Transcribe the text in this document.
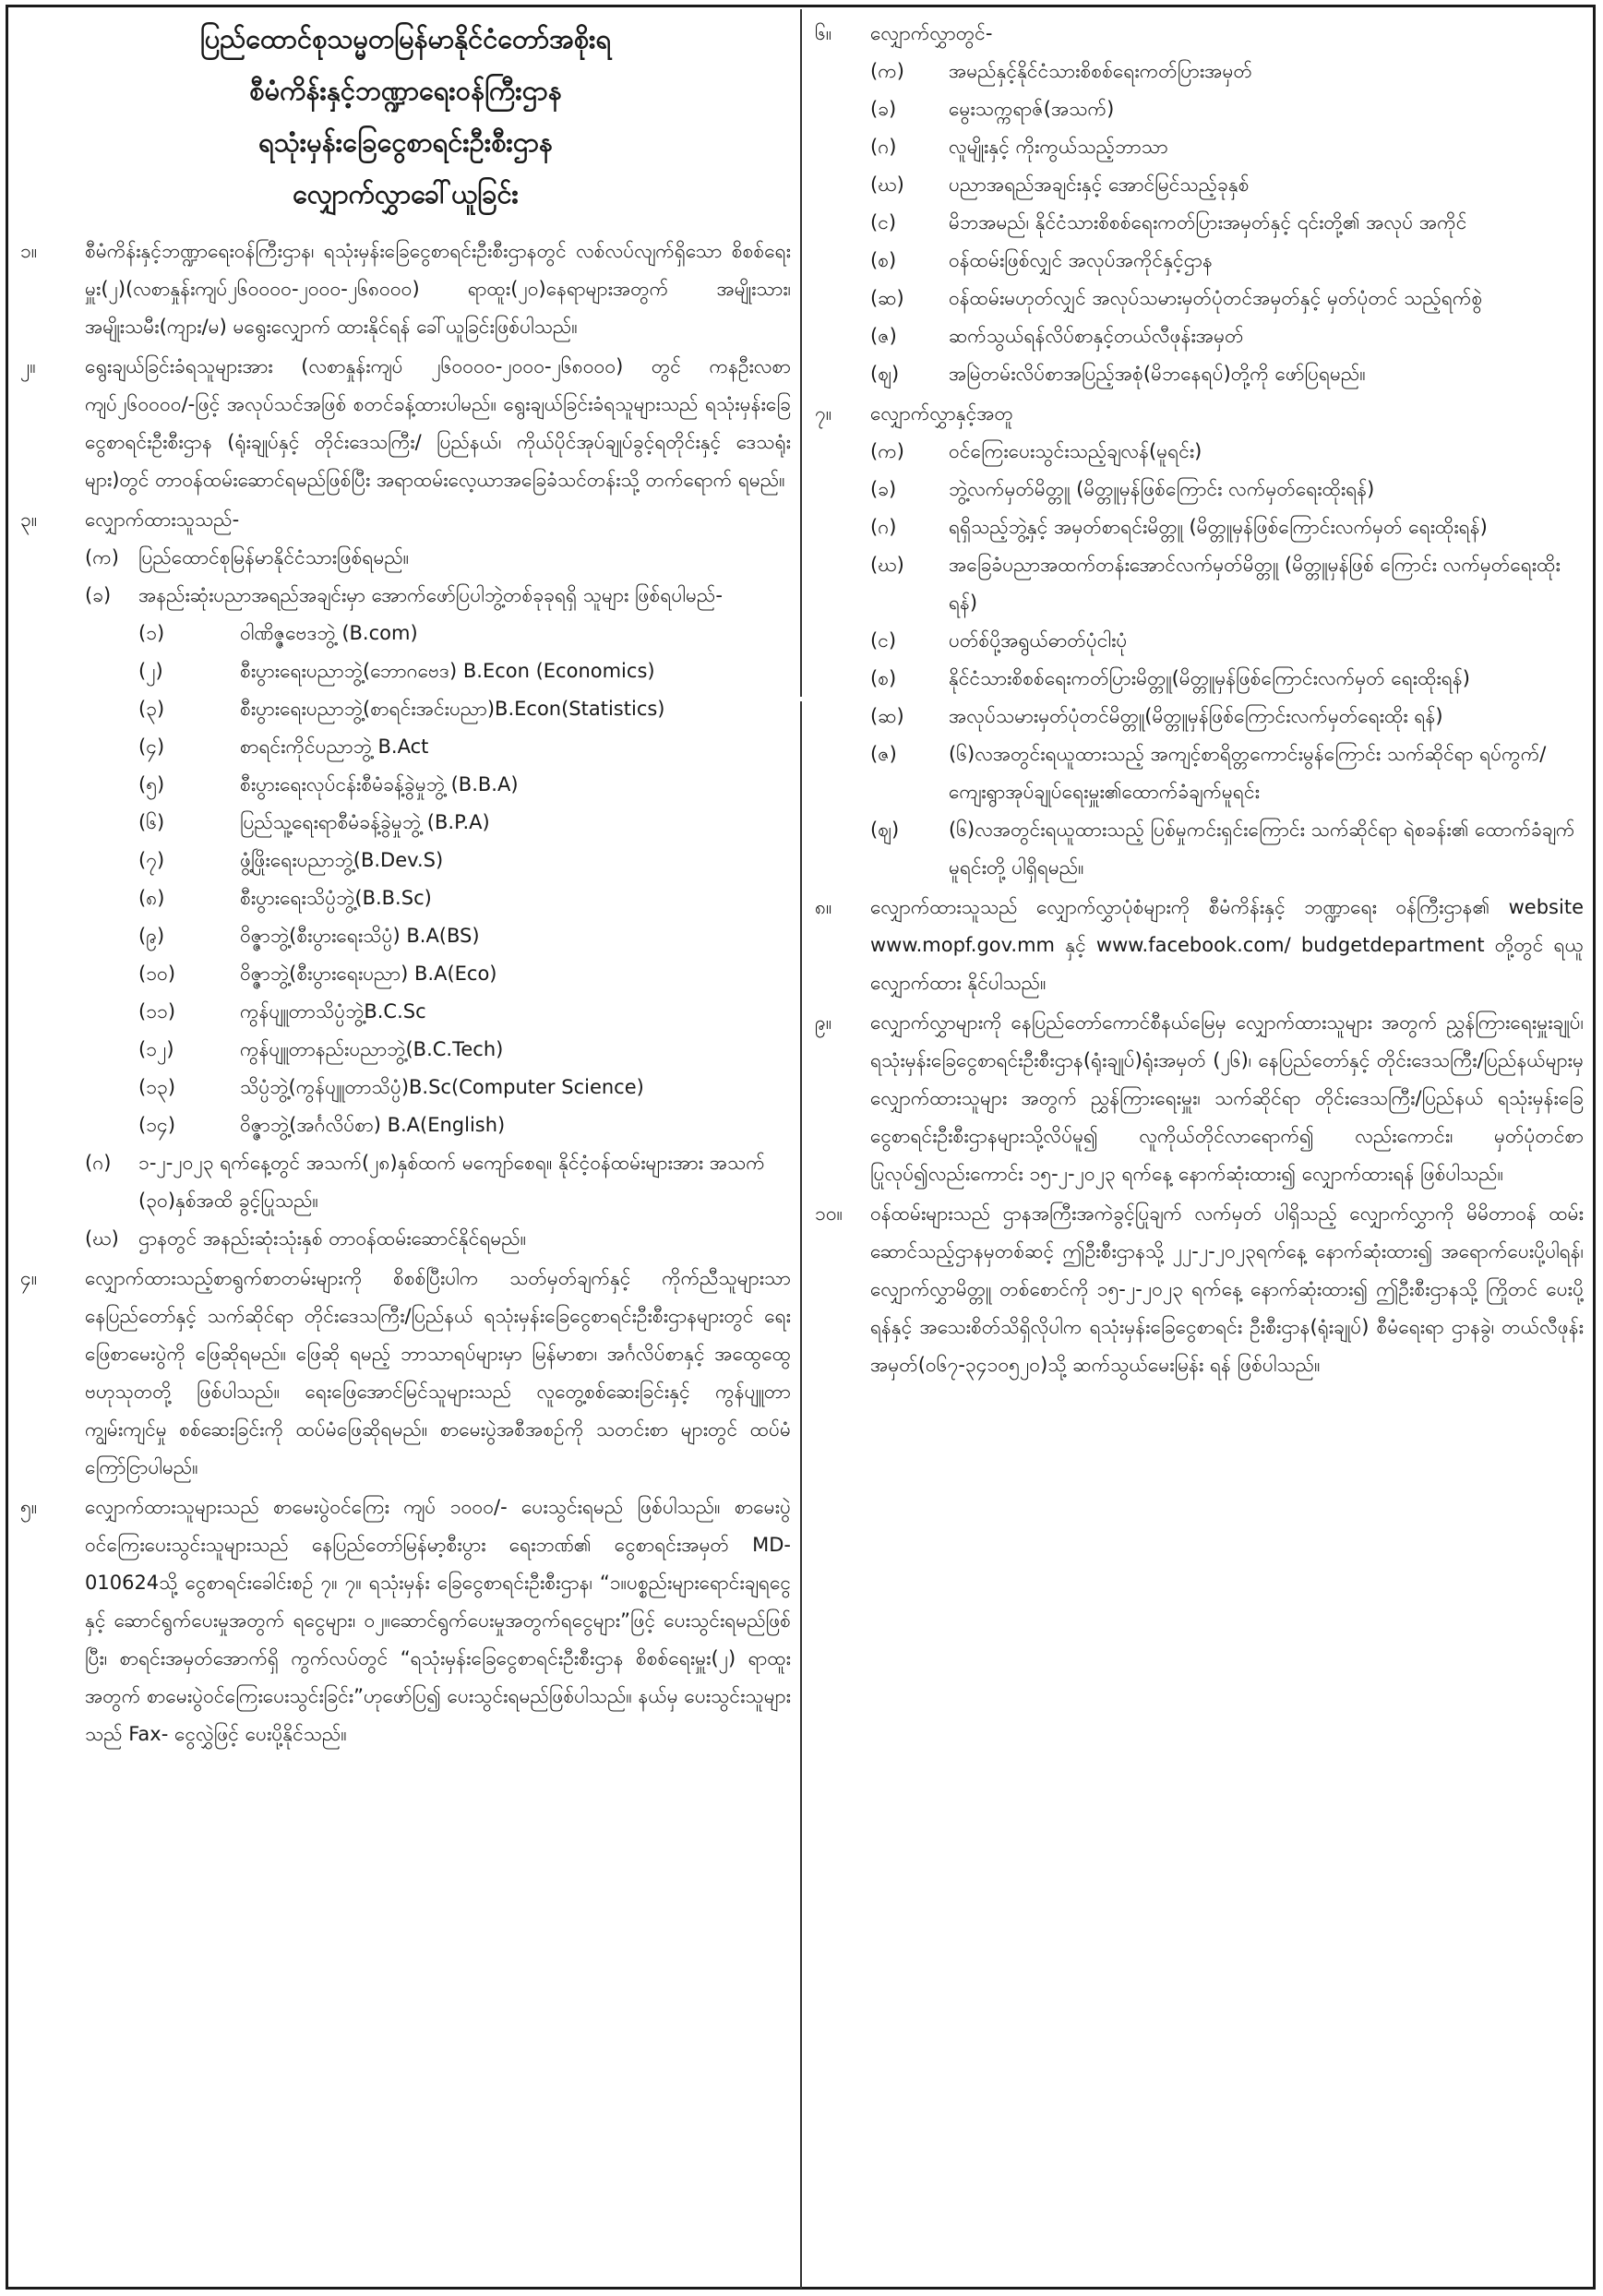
ပြည်ထောင်စုသမ္မတမြန်မာနိုင်ငံတော်အစိုးရ
စီမံကိန်းနှင့်ဘဏ္ဍာရေးဝန်ကြီးဌာန
ရသုံးမှန်းခြေငွေစာရင်းဦးစီးဌာန
လျှောက်လွှာခေါ်ယူခြင်း
၁။	စီမံကိန်းနှင့်ဘဏ္ဍာရေးဝန်ကြီးဌာန၊ ရသုံးမှန်းခြေငွေစာရင်းဦးစီးဌာနတွင် လစ်လပ်လျက်ရှိသော စိစစ်ရေးမှူး(၂)(လစာနှုန်းကျပ်၂၆၀၀၀၀-၂၀၀၀-၂၆၈၀၀၀) ရာထူး(၂၀)နေရာများအတွက် အမျိုးသား၊ အမျိုးသမီး(ကျား/မ) မရွေးလျှောက် ထားနိုင်ရန် ခေါ်ယူခြင်းဖြစ်ပါသည်။

၂။	ရွေးချယ်ခြင်းခံရသူများအား (လစာနှုန်းကျပ် ၂၆၀၀၀၀-၂၀၀၀-၂၆၈၀၀၀) တွင် ကနဦးလစာ ကျပ်၂၆၀၀၀၀/-ဖြင့် အလုပ်သင်အဖြစ် စတင်ခန့်ထားပါမည်။ ရွေးချယ်ခြင်းခံရသူများသည် ရသုံးမှန်းခြေငွေစာရင်းဦးစီးဌာန (ရုံးချုပ်နှင့် တိုင်းဒေသကြီး/ ပြည်နယ်၊ ကိုယ်ပိုင်အုပ်ချုပ်ခွင့်ရတိုင်းနှင့် ဒေသရုံးများ)တွင် တာဝန်ထမ်းဆောင်ရမည်ဖြစ်ပြီး အရာထမ်းလေ့ယာအခြေခံသင်တန်းသို့ တက်ရောက် ရမည်။

၃။	လျှောက်ထားသူသည်-
(က)	ပြည်ထောင်စုမြန်မာနိုင်ငံသားဖြစ်ရမည်။
(ခ)	အနည်းဆုံးပညာအရည်အချင်းမှာ အောက်ဖော်ပြပါဘွဲ့တစ်ခုခုရရှိ သူများ ဖြစ်ရပါမည်-
(၁)	ဝါဏိဇ္ဇဗေဒဘွဲ့ (B.com)
(၂)	စီးပွားရေးပညာဘွဲ့(ဘောဂဗေဒ) B.Econ (Economics)
(၃)	စီးပွားရေးပညာဘွဲ့(စာရင်းအင်းပညာ)B.Econ(Statistics)
(၄)	စာရင်းကိုင်ပညာဘွဲ့ B.Act
(၅)	စီးပွားရေးလုပ်ငန်းစီမံခန့်ခွဲမှုဘွဲ့ (B.B.A)
(၆)	ပြည်သူ့ရေးရာစီမံခန့်ခွဲမှုဘွဲ့ (B.P.A)
(၇)	ဖွံ့ဖြိုးရေးပညာဘွဲ့(B.Dev.S)
(၈)	စီးပွားရေးသိပ္ပံဘွဲ့(B.B.Sc)
(၉)	ဝိဇ္ဇာဘွဲ့(စီးပွားရေးသိပ္ပံ) B.A(BS)
(၁၀)	ဝိဇ္ဇာဘွဲ့(စီးပွားရေးပညာ) B.A(Eco)
(၁၁)	ကွန်ပျူတာသိပ္ပံဘွဲ့B.C.Sc
(၁၂)	ကွန်ပျူတာနည်းပညာဘွဲ့(B.C.Tech)
(၁၃)	သိပ္ပံဘွဲ့(ကွန်ပျူတာသိပ္ပံ)B.Sc(Computer Science)
(၁၄)	ဝိဇ္ဇာဘွဲ့(အင်္ဂလိပ်စာ) B.A(English)
(ဂ)	၁-၂-၂၀၂၃ ရက်နေ့တွင် အသက်(၂၈)နှစ်ထက် မကျော်စေရ။ နိုင်ငံ့ဝန်ထမ်းများအား အသက် (၃၀)နှစ်အထိ ခွင့်ပြုသည်။
(ဃ)	ဌာနတွင် အနည်းဆုံးသုံးနှစ် တာဝန်ထမ်းဆောင်နိုင်ရမည်။
၄။	လျှောက်ထားသည့်စာရွက်စာတမ်းများကို စိစစ်ပြီးပါက သတ်မှတ်ချက်နှင့် ကိုက်ညီသူများသာ နေပြည်တော်နှင့် သက်ဆိုင်ရာ တိုင်းဒေသကြီး/ပြည်နယ် ရသုံးမှန်းခြေငွေစာရင်းဦးစီးဌာနများတွင် ရေးဖြေစာမေးပွဲကို ဖြေဆိုရမည်။ ဖြေဆို ရမည့် ဘာသာရပ်များမှာ မြန်မာစာ၊ အင်္ဂလိပ်စာနှင့် အထွေထွေ ဗဟုသုတတို့ ဖြစ်ပါသည်။ ရေးဖြေအောင်မြင်သူများသည် လူတွေ့စစ်ဆေးခြင်းနှင့် ကွန်ပျူတာ ကျွမ်းကျင်မှု စစ်ဆေးခြင်းကို ထပ်မံဖြေဆိုရမည်။ စာမေးပွဲအစီအစဉ်ကို သတင်းစာ များတွင် ထပ်မံကြော်ငြာပါမည်။

၅။	လျှောက်ထားသူများသည် စာမေးပွဲဝင်ကြေး ကျပ် ၁၀၀၀/- ပေးသွင်းရမည် ဖြစ်ပါသည်။ စာမေးပွဲဝင်ကြေးပေးသွင်းသူများသည် နေပြည်တော်မြန်မာ့စီးပွား ရေးဘဏ်၏ ငွေစာရင်းအမှတ် MD-010624သို့ ငွေစာရင်းခေါင်းစဉ် ၇။ ၇။ ရသုံးမှန်း ခြေငွေစာရင်းဦးစီးဌာန၊ “၁။ပစ္စည်းများရောင်းချရငွေနှင့် ဆောင်ရွက်ပေးမှုအတွက် ရငွေများ၊ ၀၂။ဆောင်ရွက်ပေးမှုအတွက်ရငွေများ”ဖြင့် ပေးသွင်းရမည်ဖြစ်ပြီး၊ စာရင်းအမှတ်အောက်ရှိ ကွက်လပ်တွင် “ရသုံးမှန်းခြေငွေစာရင်းဦးစီးဌာန စိစစ်ရေးမှူး(၂) ရာထူးအတွက် စာမေးပွဲဝင်ကြေးပေးသွင်းခြင်း”ဟုဖော်ပြ၍ ပေးသွင်းရမည်ဖြစ်ပါသည်။ နယ်မှ ပေးသွင်းသူများသည် Fax- ငွေလွှဲဖြင့် ပေးပို့နိုင်သည်။

၆။	လျှောက်လွှာတွင်-
(က)	အမည်နှင့်နိုင်ငံသားစိစစ်ရေးကတ်ပြားအမှတ်
(ခ)	မွေးသက္ကရာဇ်(အသက်)
(ဂ)	လူမျိုးနှင့် ကိုးကွယ်သည့်ဘာသာ
(ဃ)	ပညာအရည်အချင်းနှင့် အောင်မြင်သည့်ခုနှစ်
(င)	မိဘအမည်၊ နိုင်ငံသားစိစစ်ရေးကတ်ပြားအမှတ်နှင့် ၎င်းတို့၏ အလုပ် အကိုင်
(စ)	ဝန်ထမ်းဖြစ်လျှင် အလုပ်အကိုင်နှင့်ဌာန
(ဆ)	ဝန်ထမ်းမဟုတ်လျှင် အလုပ်သမားမှတ်ပုံတင်အမှတ်နှင့် မှတ်ပုံတင် သည့်ရက်စွဲ
(ဇ)	ဆက်သွယ်ရန်လိပ်စာနှင့်တယ်လီဖုန်းအမှတ်
(ဈ)	အမြဲတမ်းလိပ်စာအပြည့်အစုံ(မိဘနေရပ်)တို့ကို ဖော်ပြရမည်။
၇။	လျှောက်လွှာနှင့်အတူ
(က)	ဝင်ကြေးပေးသွင်းသည့်ချလန်(မူရင်း)
(ခ)	ဘွဲ့လက်မှတ်မိတ္တူ (မိတ္တူမှန်ဖြစ်ကြောင်း လက်မှတ်ရေးထိုးရန်)
(ဂ)	ရရှိသည့်ဘွဲ့နှင့် အမှတ်စာရင်းမိတ္တူ (မိတ္တူမှန်ဖြစ်ကြောင်းလက်မှတ် ရေးထိုးရန်)
(ဃ)	အခြေခံပညာအထက်တန်းအောင်လက်မှတ်မိတ္တူ (မိတ္တူမှန်ဖြစ် ကြောင်း လက်မှတ်ရေးထိုးရန်)
(င)	ပတ်စ်ပို့အရွယ်ဓာတ်ပုံငါးပုံ
(စ)	နိုင်ငံသားစိစစ်ရေးကတ်ပြားမိတ္တူ(မိတ္တူမှန်ဖြစ်ကြောင်းလက်မှတ် ရေးထိုးရန်)
(ဆ)	အလုပ်သမားမှတ်ပုံတင်မိတ္တူ(မိတ္တူမှန်ဖြစ်ကြောင်းလက်မှတ်ရေးထိုး ရန်)
(ဇ)	(၆)လအတွင်းရယူထားသည့် အကျင့်စာရိတ္တကောင်းမွန်ကြောင်း သက်ဆိုင်ရာ ရပ်ကွက်/ကျေးရွာအုပ်ချုပ်ရေးမှူး၏ထောက်ခံချက်မူရင်း
(ဈ)	(၆)လအတွင်းရယူထားသည့် ပြစ်မှုကင်းရှင်းကြောင်း သက်ဆိုင်ရာ ရဲစခန်း၏ ထောက်ခံချက်မူရင်းတို့ ပါရှိရမည်။
၈။	လျှောက်ထားသူသည် လျှောက်လွှာပုံစံများကို စီမံကိန်းနှင့် ဘဏ္ဍာရေး ဝန်ကြီးဌာန၏ website www.mopf.gov.mm နှင့် www.facebook.com/ budgetdepartment တို့တွင် ရယူလျှောက်ထား နိုင်ပါသည်။

၉။	လျှောက်လွှာများကို နေပြည်တော်ကောင်စီနယ်မြေမှ လျှောက်ထားသူများ အတွက် ညွှန်ကြားရေးမှူးချုပ်၊ ရသုံးမှန်းခြေငွေစာရင်းဦးစီးဌာန(ရုံးချုပ်)ရုံးအမှတ် (၂၆)၊ နေပြည်တော်နှင့် တိုင်းဒေသကြီး/ပြည်နယ်များမှ လျှောက်ထားသူများ အတွက် ညွှန်ကြားရေးမှူး၊ သက်ဆိုင်ရာ တိုင်းဒေသကြီး/ပြည်နယ် ရသုံးမှန်းခြေ ငွေစာရင်းဦးစီးဌာနများသို့လိပ်မူ၍ လူကိုယ်တိုင်လာရောက်၍ လည်းကောင်း၊ မှတ်ပုံတင်စာပြုလုပ်၍လည်းကောင်း ၁၅-၂-၂၀၂၃ ရက်နေ့ နောက်ဆုံးထား၍ လျှောက်ထားရန် ဖြစ်ပါသည်။

၁၀။	ဝန်ထမ်းများသည် ဌာနအကြီးအကဲခွင့်ပြုချက် လက်မှတ် ပါရှိသည့် လျှောက်လွှာကို မိမိတာဝန် ထမ်းဆောင်သည့်ဌာနမှတစ်ဆင့် ဤဦးစီးဌာနသို့ ၂၂-၂-၂၀၂၃ရက်နေ့ နောက်ဆုံးထား၍ အရောက်ပေးပို့ပါရန်၊ လျှောက်လွှာမိတ္တူ တစ်စောင်ကို ၁၅-၂-၂၀၂၃ ရက်နေ့ နောက်ဆုံးထား၍ ဤဦးစီးဌာနသို့ ကြိုတင် ပေးပို့ရန်နှင့် အသေးစိတ်သိရှိလိုပါက ရသုံးမှန်းခြေငွေစာရင်း ဦးစီးဌာန(ရုံးချုပ်) စီမံရေးရာ ဌာနခွဲ၊ တယ်လီဖုန်းအမှတ်(၀၆၇-၃၄၁၀၅၂၀)သို့ ဆက်သွယ်မေးမြန်း ရန် ဖြစ်ပါသည်။
